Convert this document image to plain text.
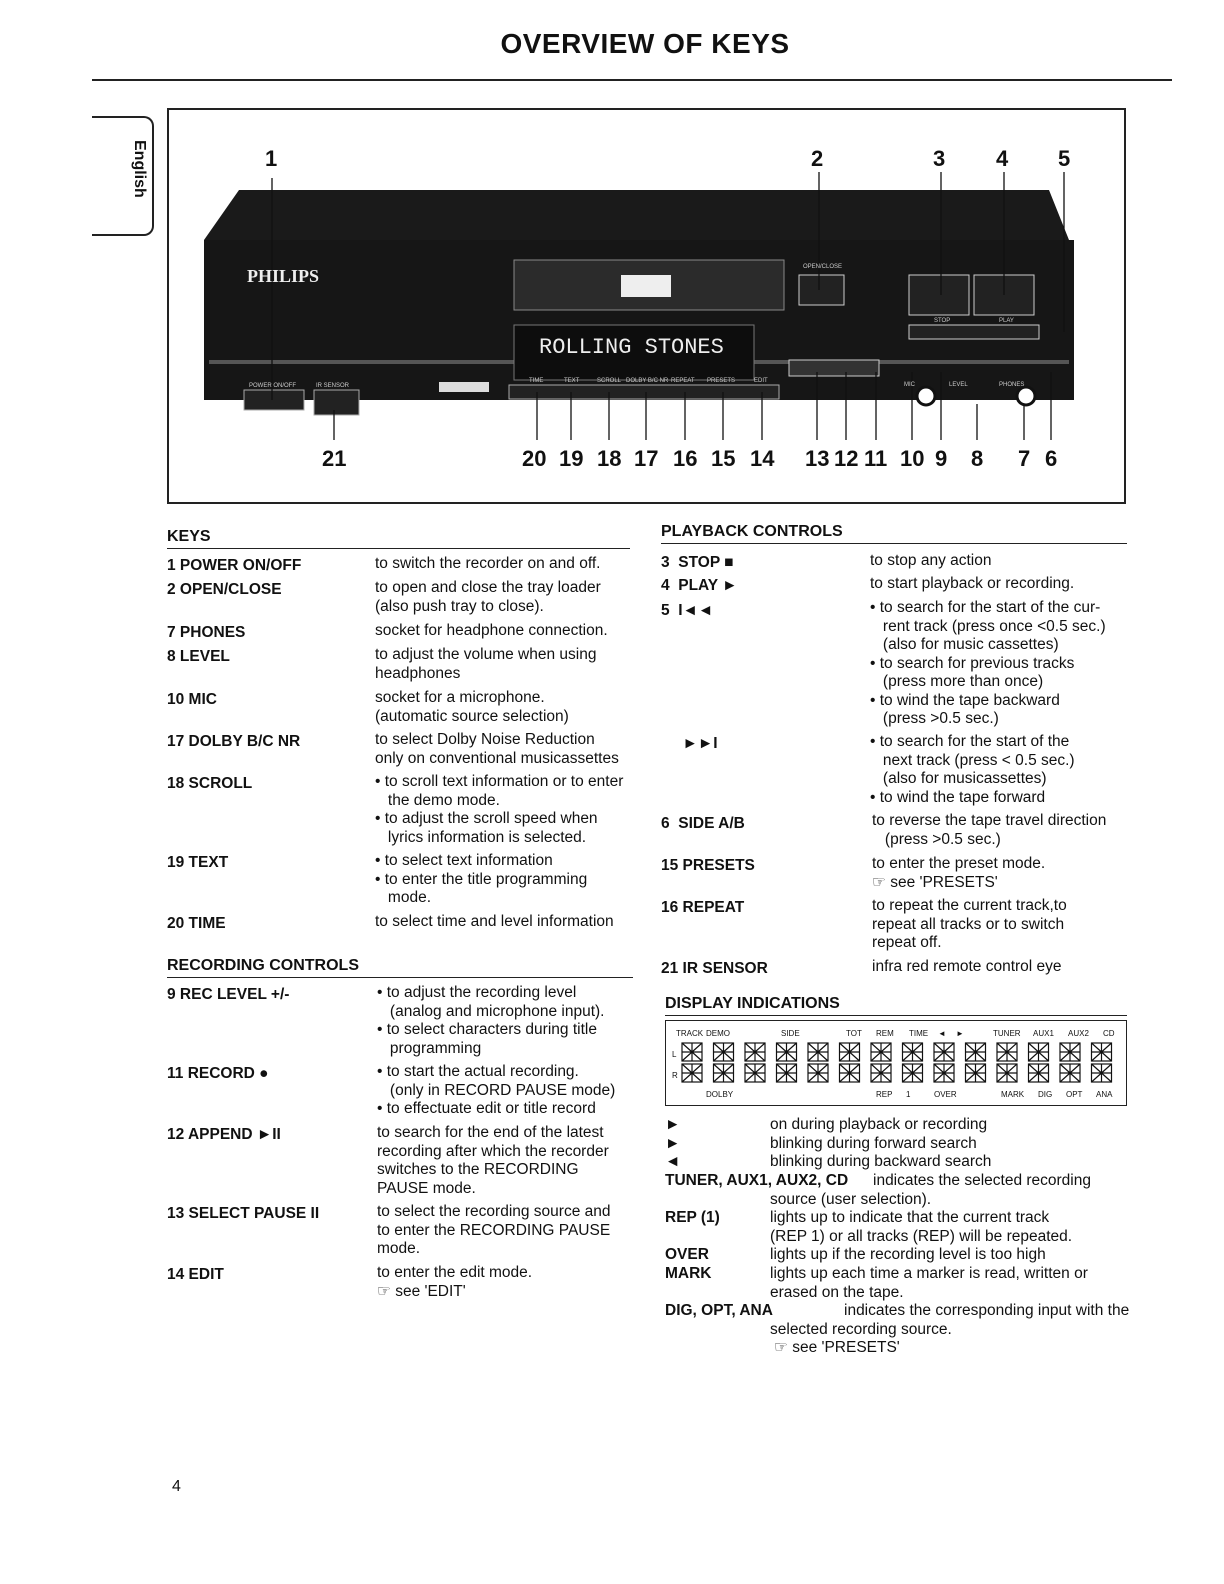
OVERVIEW OF KEYS
English
PHILIPS
ROLLING STONES
OPEN/CLOSE
STOP	PLAY
TIME	TEXT	SCROLL DOLBY B/C NR REPEAT PRESETS	EDIT
POWER ON/OFF	IR SENSOR	MIC	LEVEL	PHONES
1	2	3 4 5
21	20 19 18 17 16 15 14 13 12 11 10 9 8 7 6
KEYS
1 POWER ON/OFF	to switch the recorder on and off.
2 OPEN/CLOSE	to open and close the tray loader
(also push tray to close).
7 PHONES	socket for headphone connection.
8 LEVEL	to adjust the volume when using
headphones
10 MIC	socket for a microphone.
(automatic source selection)
17 DOLBY B/C NR	to select Dolby Noise Reduction
only on conventional musicassettes
18 SCROLL	• to scroll text information or to enter
the demo mode.
• to adjust the scroll speed when
lyrics information is selected.
19 TEXT	• to select text information
• to enter the title programming
mode.
20 TIME	to select time and level information
RECORDING CONTROLS
9 REC LEVEL +/-	• to adjust the recording level
(analog and microphone input).
• to select characters during title
programming
11 RECORD ●	• to start the actual recording.
(only in RECORD PAUSE mode)
• to effectuate edit or title record
12 APPEND ►II	to search for the end of the latest
recording after which the recorder
switches to the RECORDING
PAUSE mode.
13 SELECT PAUSE II	to select the recording source and
to enter the RECORDING PAUSE
mode.
14 EDIT	to enter the edit mode.
☞ see 'EDIT'
PLAYBACK CONTROLS
3  STOP ■	to stop any action
4  PLAY ►	to start playback or recording.
5  I◄◄	• to search for the start of the cur-
rent track (press once <0.5 sec.)
(also for music cassettes)
• to search for previous tracks
(press more than once)
• to wind the tape backward
(press >0.5 sec.)
►►I	• to search for the start of the
next track (press < 0.5 sec.)
(also for musicassettes)
• to wind the tape forward
6  SIDE A/B	to reverse the tape travel direction
(press >0.5 sec.)
15 PRESETS	to enter the preset mode.
☞ see 'PRESETS'
16 REPEAT	to repeat the current track,to
repeat all tracks or to switch
repeat off.
21 IR SENSOR	infra red remote control eye
DISPLAY INDICATIONS
TRACK DEMO	SIDE	TOT REM TIME ◄ ►	TUNER AUX1 AUX2 CD
L
R
DOLBY	REP 1	OVER	MARK DIG OPT ANA
►	on during playback or recording
►	blinking during forward search
◄	blinking during backward search
TUNER, AUX1, AUX2, CD indicates the selected recording
source (user selection).
REP (1)	lights up to indicate that the current track
(REP 1) or all tracks (REP) will be repeated.
OVER	lights up if the recording level is too high
MARK	lights up each time a marker is read, written or
erased on the tape.
DIG, OPT, ANA	indicates the corresponding input with the
selected recording source.
☞ see 'PRESETS'
4
